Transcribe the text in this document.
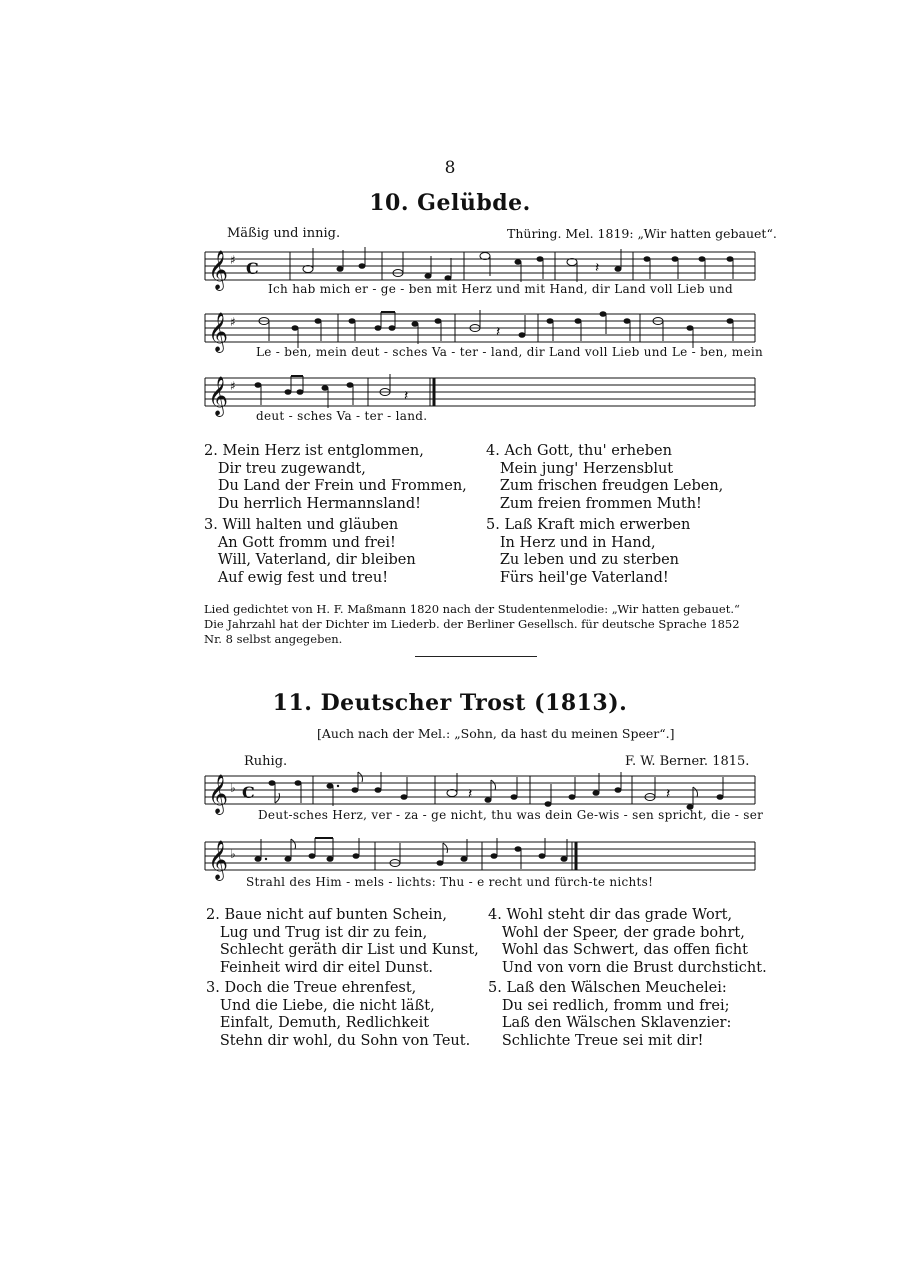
8
10. Gelübde.
Mäßig und innig.	Thüring. Mel. 1819: „Wir hatten gebauet“.
𝄞 ♯ C	𝄽
Ich hab mich er - ge - ben mit Herz und mit Hand, dir Land voll Lieb und
𝄞 ♯
𝄽
Le - ben, mein deut - sches Va - ter - land, dir Land voll Lieb und Le - ben, mein
𝄞 ♯
𝄽
deut - sches Va - ter - land.
2. Mein Herz ist entglommen,
Dir treu zugewandt,
Du Land der Frein und Frommen,
Du herrlich Hermannsland!
4. Ach Gott, thu' erheben
Mein jung' Herzensblut
Zum frischen freudgen Leben,
Zum freien frommen Muth!
3. Will halten und gläuben
An Gott fromm und frei!
Will, Vaterland, dir bleiben
Auf ewig fest und treu!
5. Laß Kraft mich erwerben
In Herz und in Hand,
Zu leben und zu sterben
Fürs heil'ge Vaterland!
Lied gedichtet von H. F. Maßmann 1820 nach der Studentenmelodie: „Wir hatten gebauet.“ Die Jahrzahl hat der Dichter im Liederb. der Berliner Gesellsch. für deutsche Sprache 1852 Nr. 8 selbst angegeben.
11. Deutscher Trost (1813).
[Auch nach der Mel.: „Sohn, da hast du meinen Speer“.]
Ruhig.	F. W. Berner. 1815.
𝄞 ♭ C	𝄽	𝄽
Deut-sches Herz, ver - za - ge nicht, thu was dein Ge-wis - sen spricht, die - ser
𝄞 ♭
Strahl des Him - mels - lichts: Thu - e recht und fürch-te nichts!
2. Baue nicht auf bunten Schein,
Lug und Trug ist dir zu fein,
Schlecht geräth dir List und Kunst,
Feinheit wird dir eitel Dunst.
4. Wohl steht dir das grade Wort,
Wohl der Speer, der grade bohrt,
Wohl das Schwert, das offen ficht
Und von vorn die Brust durchsticht.
3. Doch die Treue ehrenfest,
Und die Liebe, die nicht läßt,
Einfalt, Demuth, Redlichkeit
Stehn dir wohl, du Sohn von Teut.
5. Laß den Wälschen Meuchelei:
Du sei redlich, fromm und frei;
Laß den Wälschen Sklavenzier:
Schlichte Treue sei mit dir!
